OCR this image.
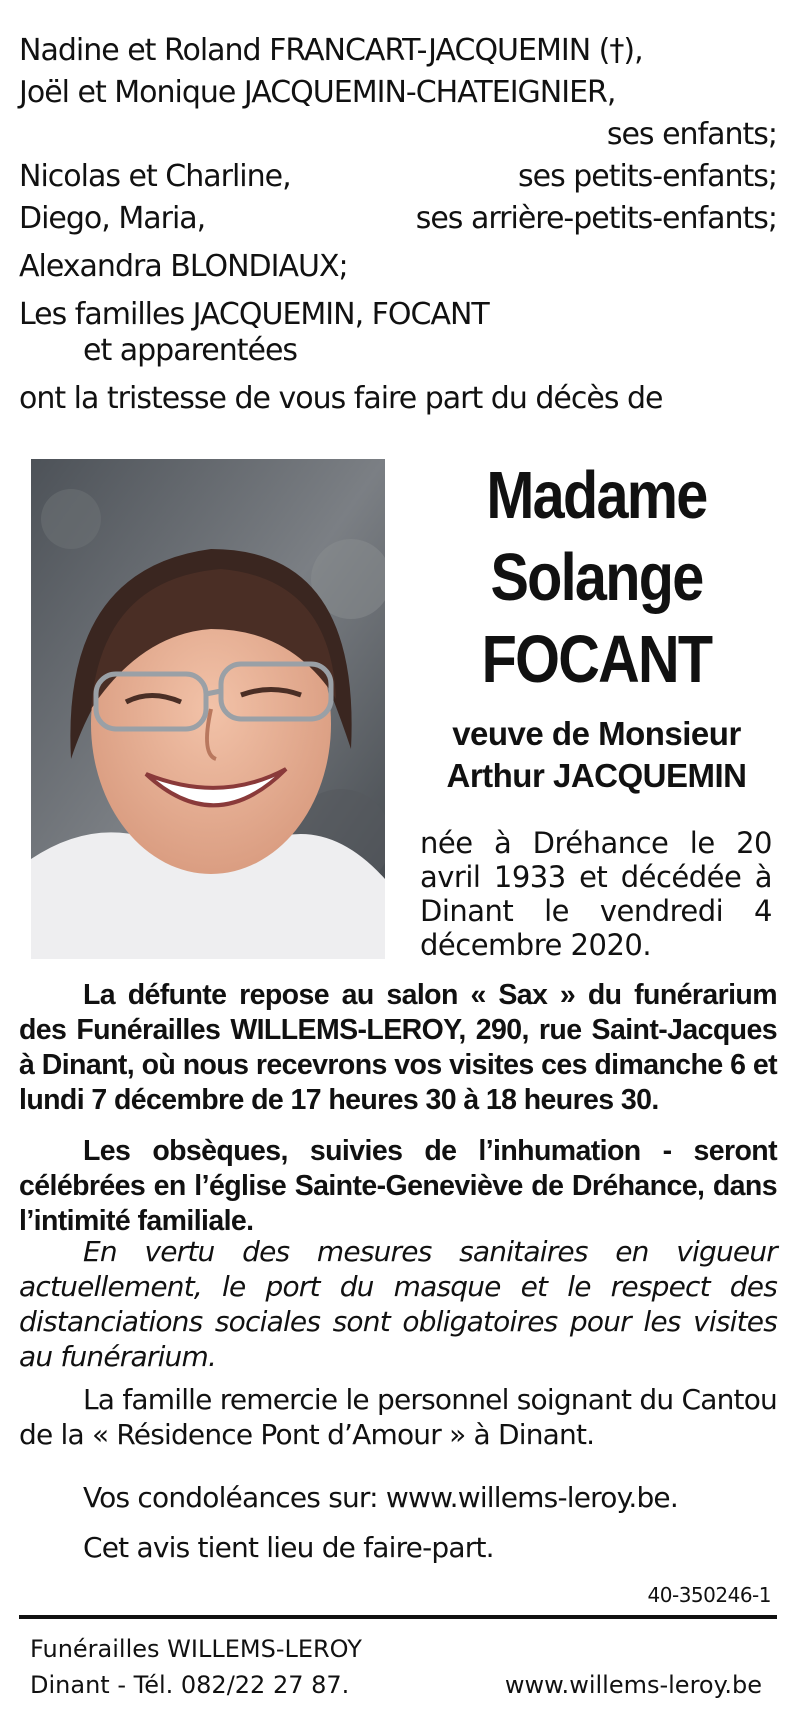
Nadine et Roland FRANCART-JACQUEMIN (†),
Joël et Monique JACQUEMIN-CHATEIGNIER,
ses enfants;
Nicolas et Charline,	ses petits-enfants;
Diego, Maria,	ses arrière-petits-enfants;
Alexandra BLONDIAUX;
Les familles JACQUEMIN, FOCANT
et apparentées
ont la tristesse de vous faire part du décès de
Madame
Solange
FOCANT
veuve de Monsieur
Arthur JACQUEMIN
née à Dréhance le 20 avril 1933 et décédée à Dinant le vendredi 4 décembre 2020.
La défunte repose au salon « Sax » du funérarium des Funérailles WILLEMS-LEROY, 290, rue Saint-Jacques à Dinant, où nous recevrons vos visites ces dimanche 6 et lundi 7 décembre de 17 heures 30 à 18 heures 30.
Les obsèques, suivies de l’inhumation - seront célébrées en l’église Sainte-Geneviève de Dréhance, dans l’intimité familiale.
En vertu des mesures sanitaires en vigueur actuellement, le port du masque et le respect des distanciations sociales sont obligatoires pour les visites au funérarium.
La famille remercie le personnel soignant du Cantou de la « Résidence Pont d’Amour » à Dinant.
Vos condoléances sur: www.willems-leroy.be.
Cet avis tient lieu de faire-part.
40-350246-1
Funérailles WILLEMS-LEROY
Dinant - Tél. 082/22 27 87.	www.willems-leroy.be
